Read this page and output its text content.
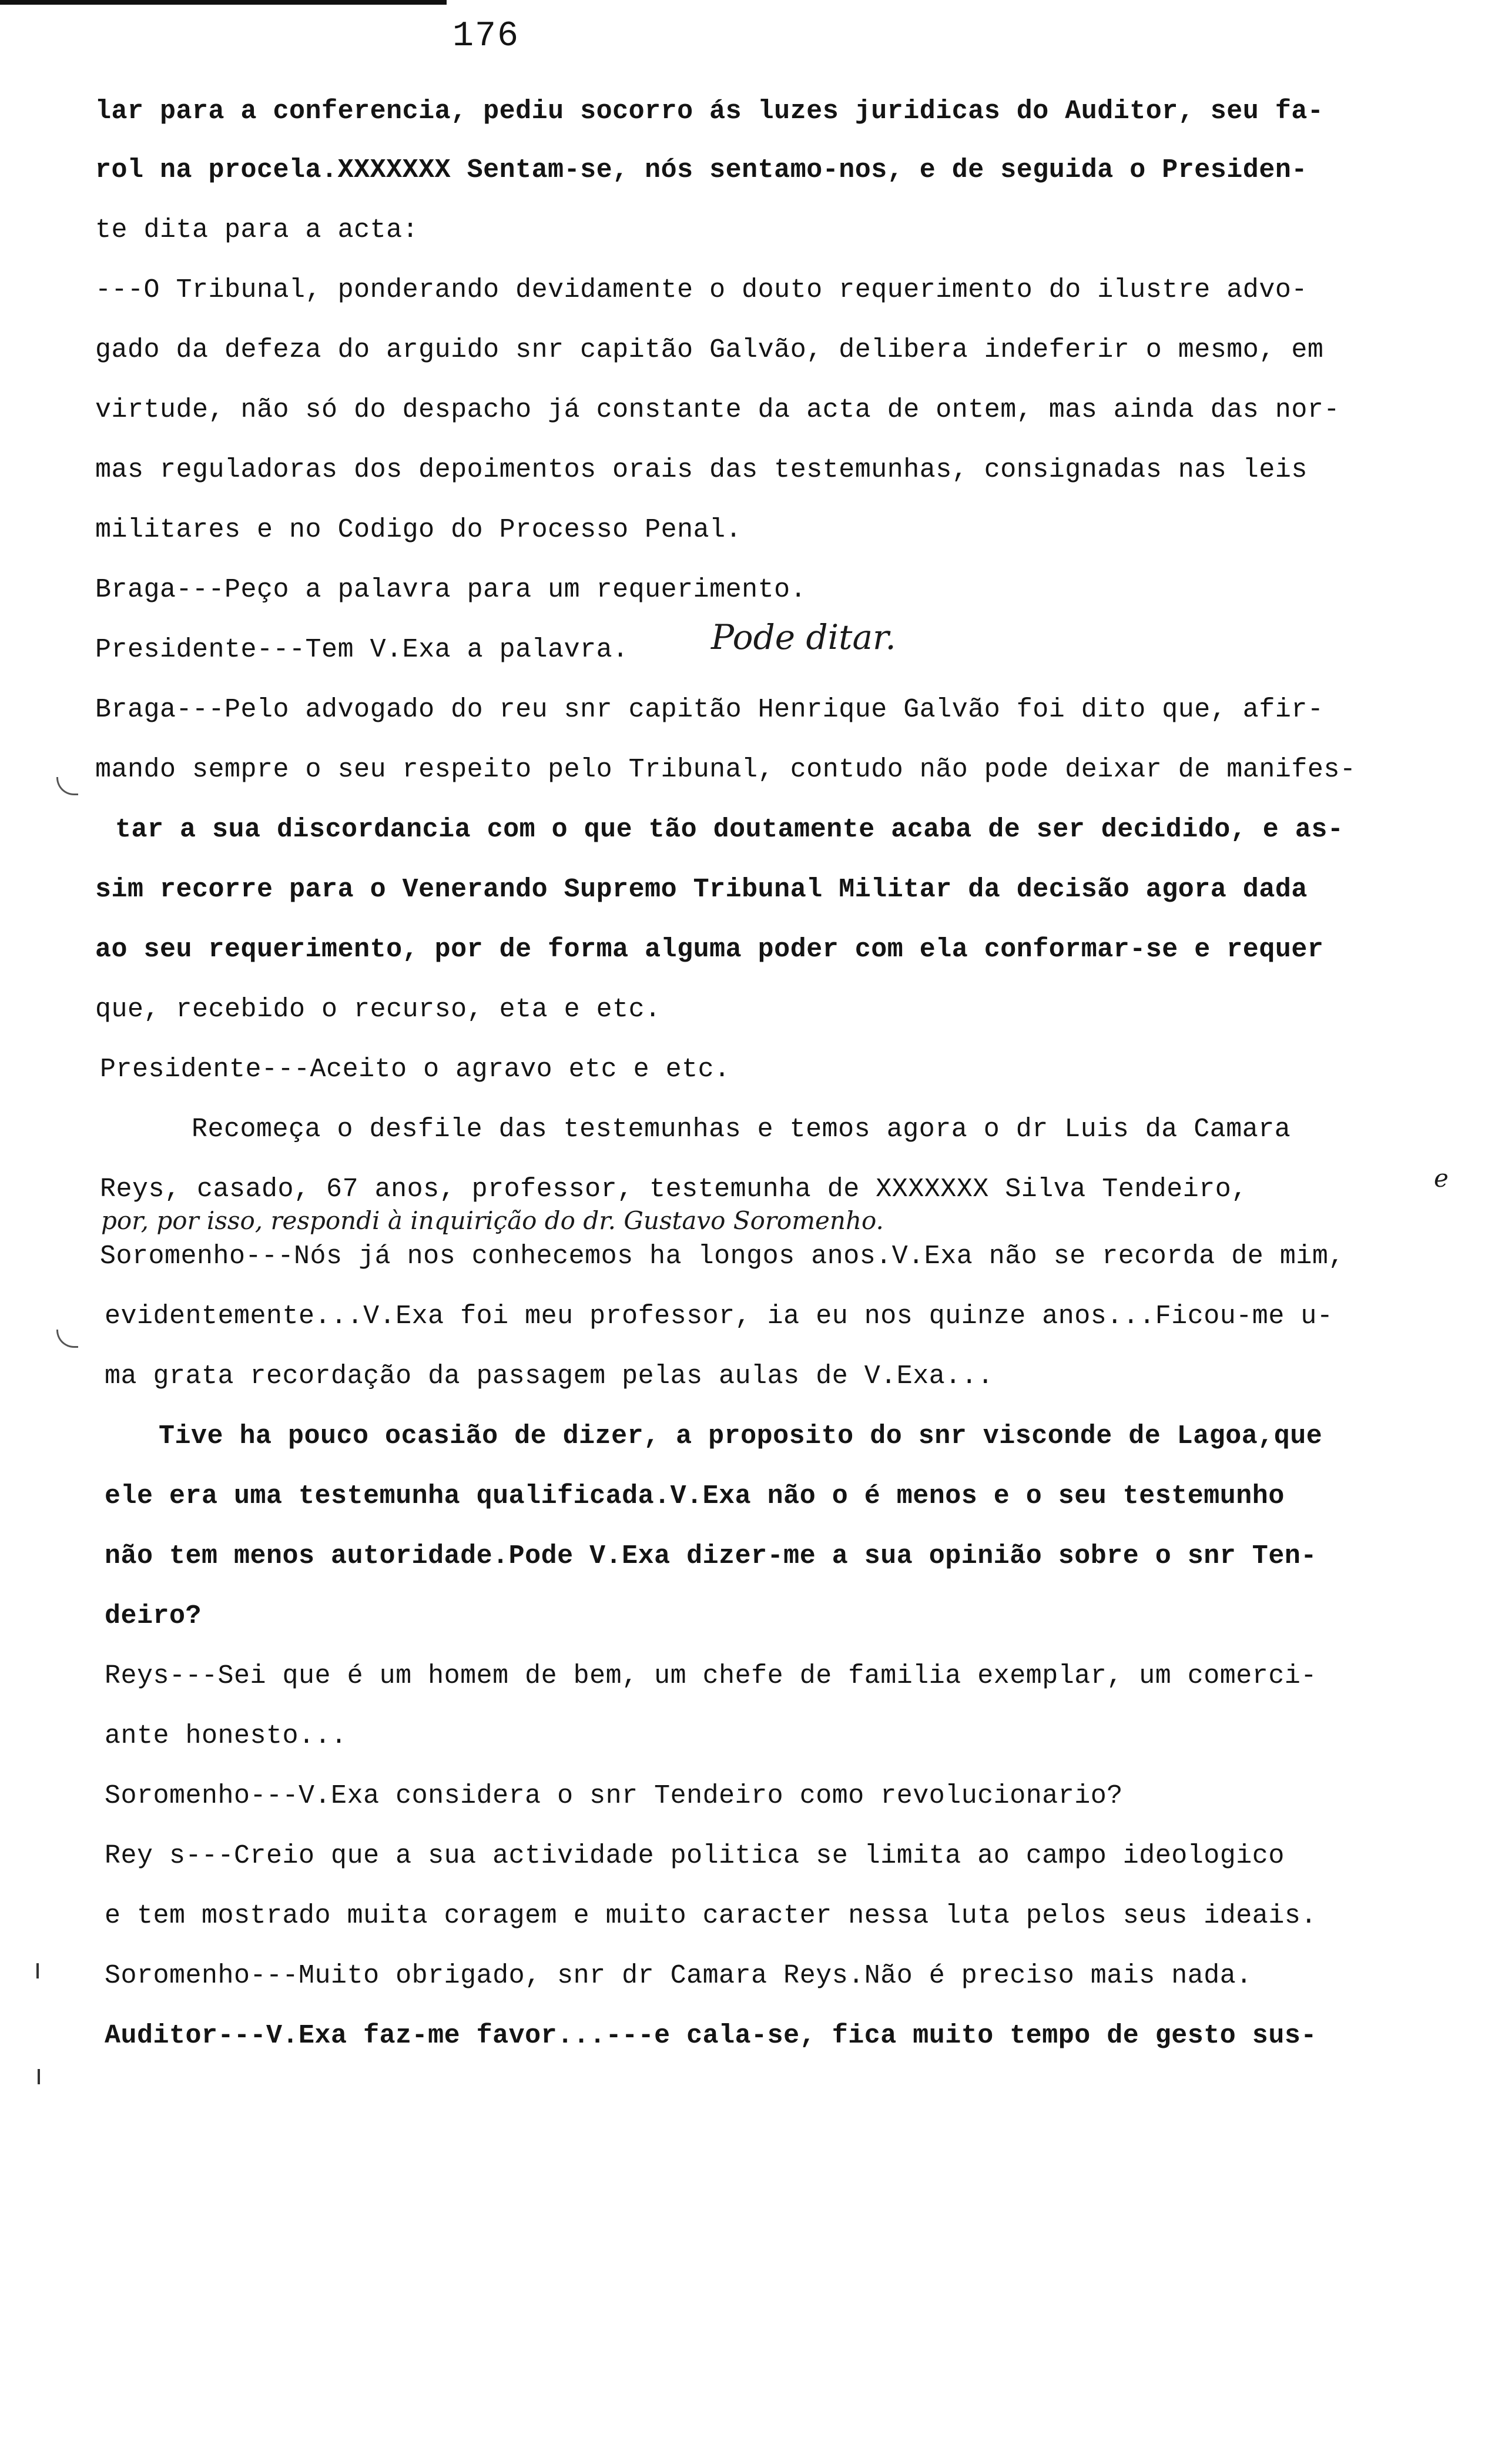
176
lar para a conferencia, pediu socorro ás luzes juridicas do Auditor, seu fa-
rol na procela.XXXXXXX Sentam-se, nós sentamo-nos, e de seguida o Presiden-
te dita para a acta:
---O Tribunal, ponderando devidamente o douto requerimento do ilustre advo-
gado da defeza do arguido snr capitão Galvão, delibera indeferir o mesmo, em
virtude, não só do despacho já constante da acta de ontem, mas ainda das nor-
mas reguladoras dos depoimentos orais das testemunhas, consignadas nas leis
militares e no Codigo do Processo Penal.
Braga---Peço a palavra para um requerimento.
Presidente---Tem V.Exa a palavra.
Braga---Pelo advogado do reu snr capitão Henrique Galvão foi dito que, afir-
mando sempre o seu respeito pelo Tribunal, contudo não pode deixar de manifes-
tar a sua discordancia com o que tão doutamente acaba de ser decidido, e as-
sim recorre para o Venerando Supremo Tribunal Militar da decisão agora dada
ao seu requerimento, por de forma alguma poder com ela conformar-se e requer
que, recebido o recurso, eta e etc.
Presidente---Aceito o agravo etc e etc.
Recomeça o desfile das testemunhas e temos agora o dr Luis da Camara
Reys, casado, 67 anos, professor, testemunha de XXXXXXX Silva Tendeiro,
Soromenho---Nós já nos conhecemos ha longos anos.V.Exa não se recorda de mim,
evidentemente...V.Exa foi meu professor, ia eu nos quinze anos...Ficou-me u-
ma grata recordação da passagem pelas aulas de V.Exa...
Tive ha pouco ocasião de dizer, a proposito do snr visconde de Lagoa,que
ele era uma testemunha qualificada.V.Exa não o é menos e o seu testemunho
não tem menos autoridade.Pode V.Exa dizer-me a sua opinião sobre o snr Ten-
deiro?
Reys---Sei que é um homem de bem, um chefe de familia exemplar, um comerci-
ante honesto...
Soromenho---V.Exa considera o snr Tendeiro como revolucionario?
Rey s---Creio que a sua actividade politica se limita ao campo ideologico
e tem mostrado muita coragem e muito caracter nessa luta pelos seus ideais.
Soromenho---Muito obrigado, snr dr Camara Reys.Não é preciso mais nada.
Auditor---V.Exa faz-me favor...---e cala-se, fica muito tempo de gesto sus-
Pode ditar.
e
por, por isso, respondi à inquirição do dr. Gustavo Soromenho.
